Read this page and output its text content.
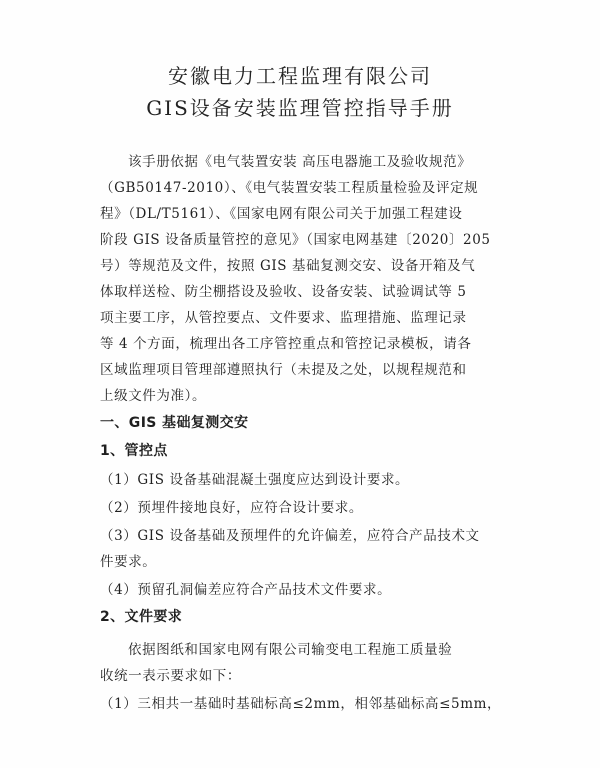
安徽电力工程监理有限公司
GIS设备安装监理管控指导手册
该手册依据《电气装置安装 高压电器施工及验收规范》
（GB50147-2010）、《电气装置安装工程质量检验及评定规
程》（DL/T5161）、《国家电网有限公司关于加强工程建设
阶段 GIS 设备质量管控的意见》（国家电网基建〔2020〕205
号）等规范及文件，按照 GIS 基础复测交安、设备开箱及气
体取样送检、防尘棚搭设及验收、设备安装、试验调试等 5
项主要工序，从管控要点、文件要求、监理措施、监理记录
等 4 个方面，梳理出各工序管控重点和管控记录模板，请各
区域监理项目管理部遵照执行（未提及之处，以规程规范和
上级文件为准）。
一、GIS 基础复测交安
1、管控点
（1）GIS 设备基础混凝土强度应达到设计要求。
（2）预埋件接地良好，应符合设计要求。
（3）GIS 设备基础及预埋件的允许偏差，应符合产品技术文
件要求。
（4）预留孔洞偏差应符合产品技术文件要求。
2、文件要求
依据图纸和国家电网有限公司输变电工程施工质量验
收统一表示要求如下：
（1）三相共一基础时基础标高≤2mm，相邻基础标高≤5mm，
